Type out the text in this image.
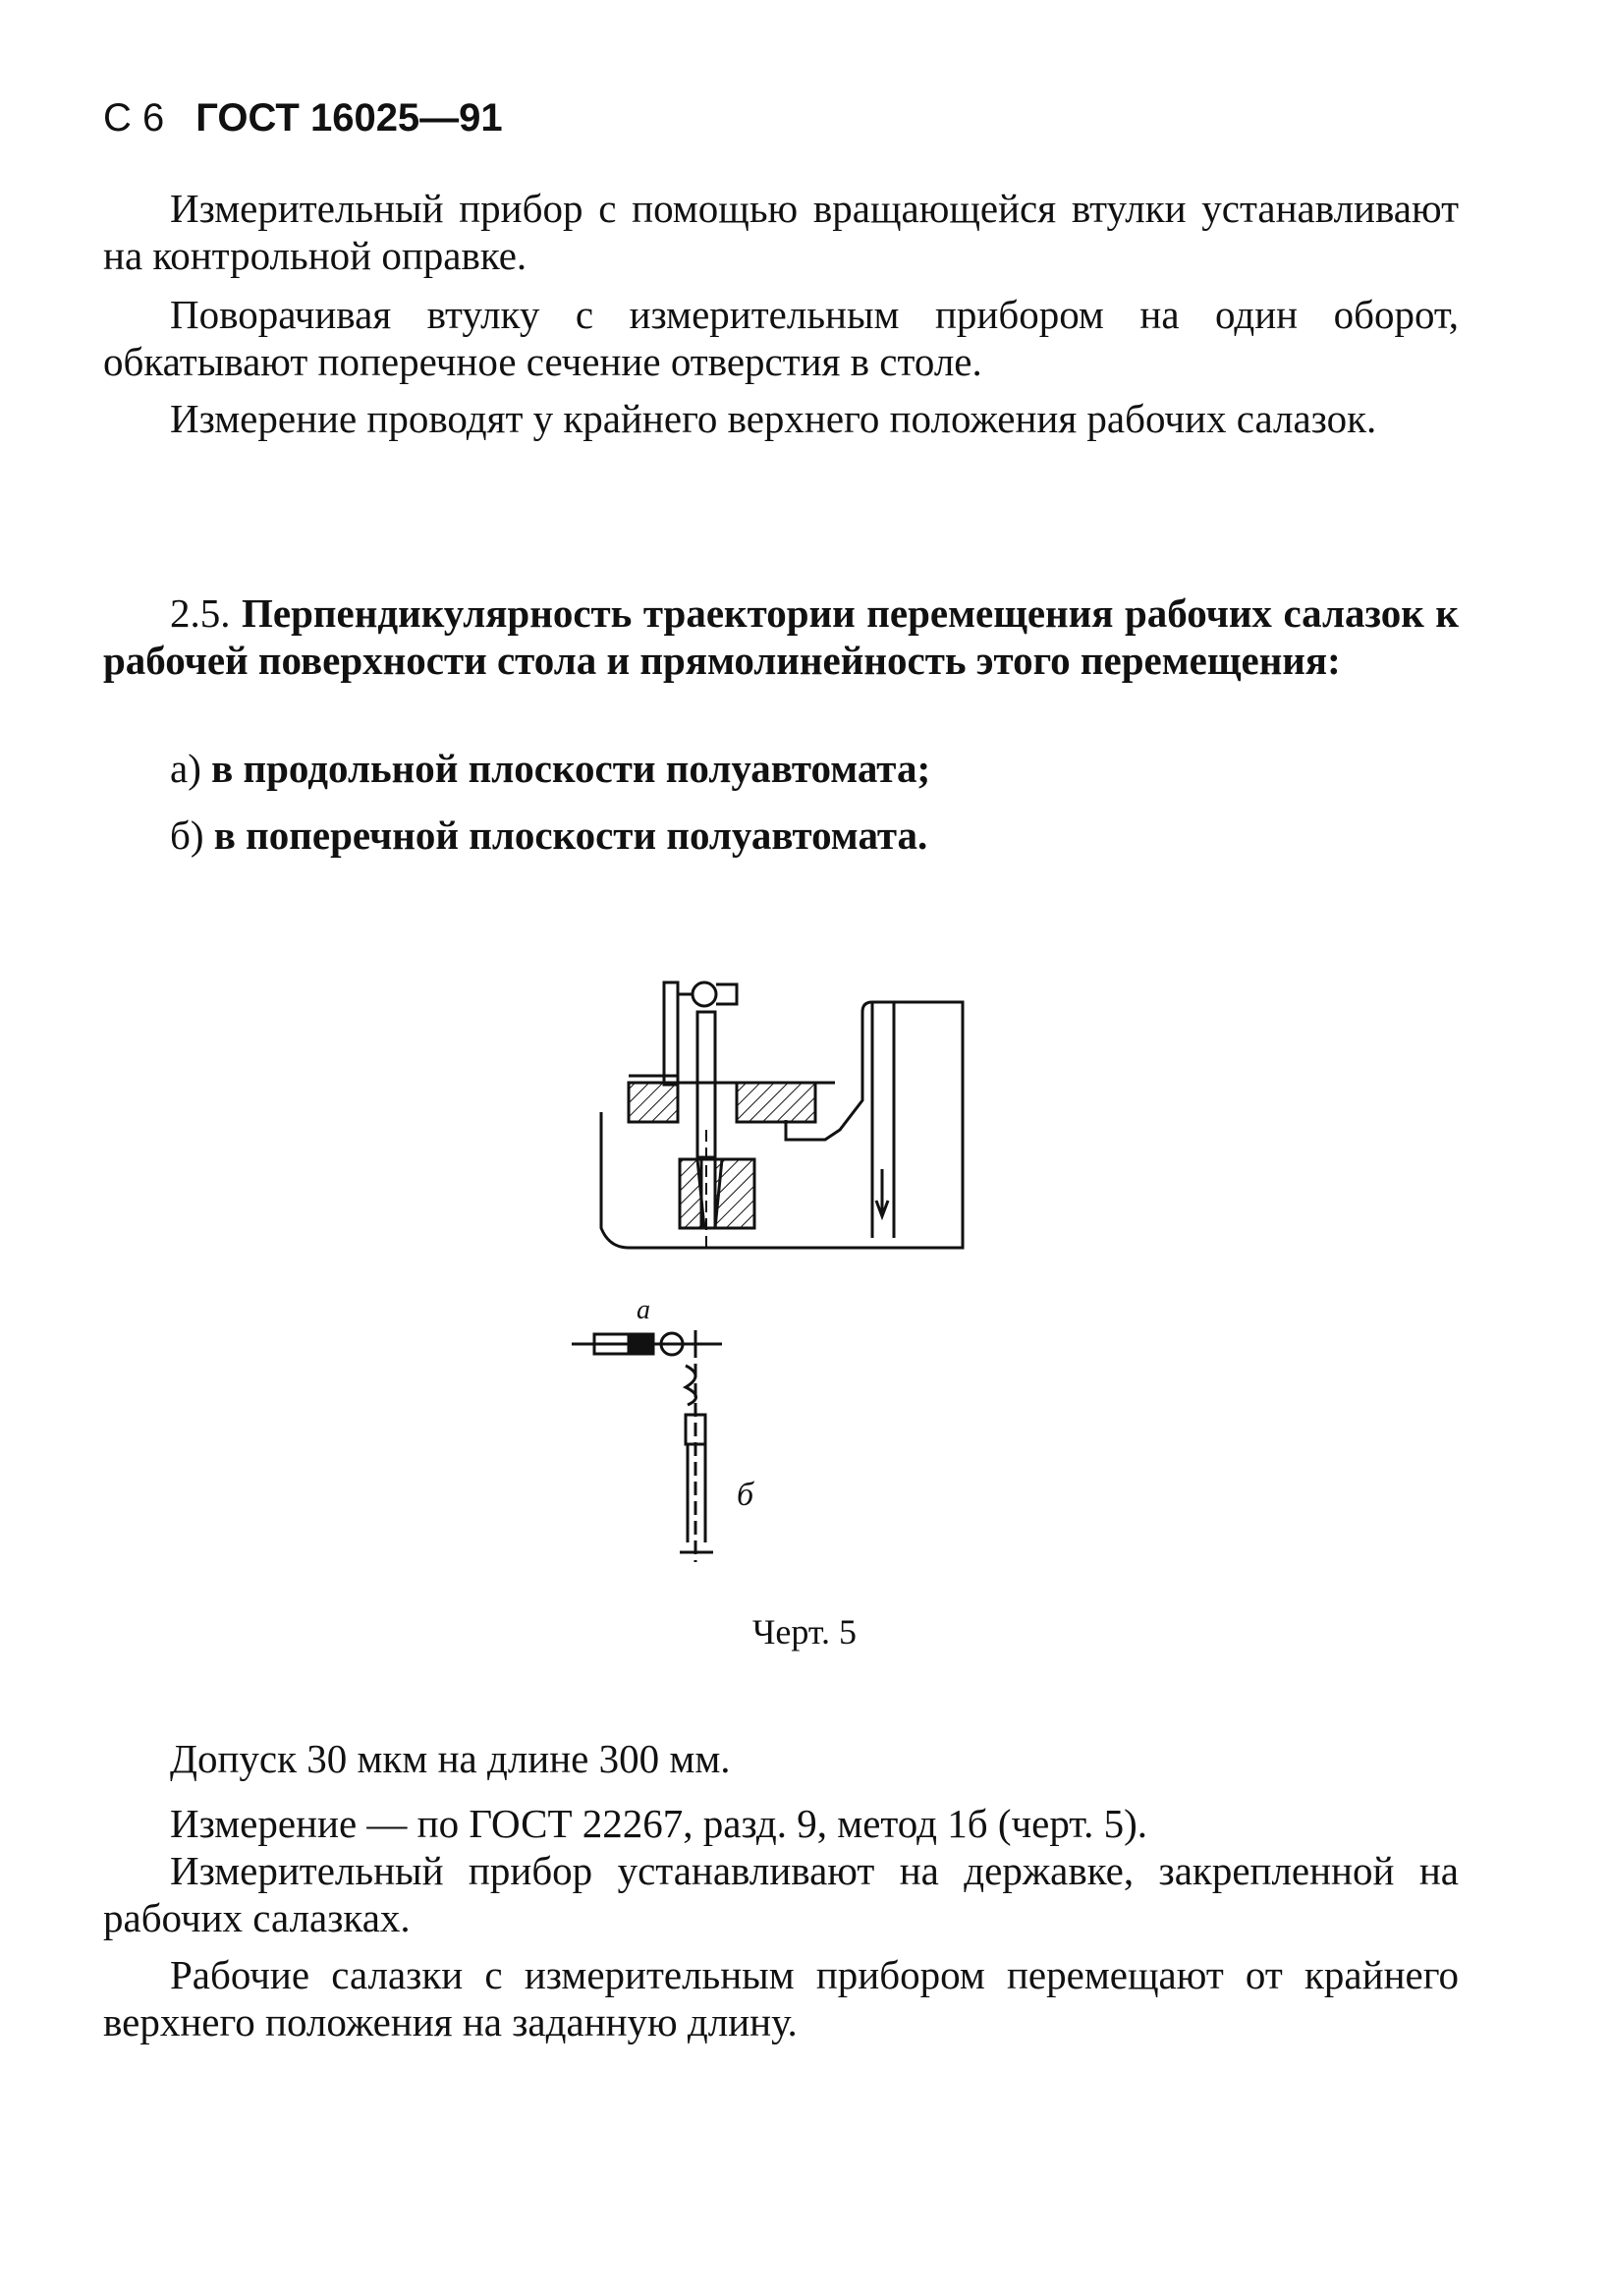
С 6 ГОСТ 16025—91

Измерительный прибор с помощью вращающейся втулки устанавливают на контрольной оправке.

Поворачивая втулку с измерительным прибором на один оборот, обкатывают поперечное сечение отверстия в столе.

Измерение проводят у крайнего верхнего положения рабочих салазок.

2.5. Перпендикулярность траектории перемещения рабочих салазок к рабочей поверхности стола и прямолинейность этого перемещения:

а) в продольной плоскости полуавтомата;

б) в поперечной плоскости полуавтомата.

a
б
Черт. 5

Допуск 30 мкм на длине 300 мм.

Измерение — по ГОСТ 22267, разд. 9, метод 1б (черт. 5).

Измерительный прибор устанавливают на державке, закрепленной на рабочих салазках.

Рабочие салазки с измерительным прибором перемещают от крайнего верхнего положения на заданную длину.
